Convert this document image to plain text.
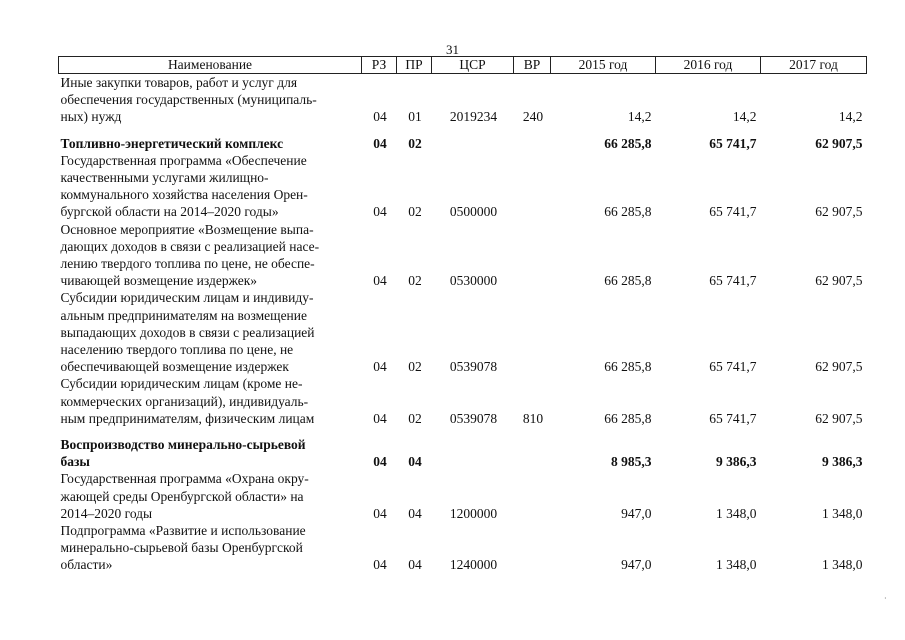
31
Наименование	РЗ	ПР	ЦСР	ВР	2015 год	2016 год	2017 год
Иные закупки товаров, работ и услуг для
обеспечения государственных (муниципаль-
ных) нужд	04	01	2019234	240	14,2	14,2	14,2
Топливно-энергетический комплекс	04	02			66 285,8	65 741,7	62 907,5
Государственная программа «Обеспечение
качественными услугами жилищно-
коммунального хозяйства населения Орен-
бургской области на 2014–2020 годы»	04	02	0500000		66 285,8	65 741,7	62 907,5
Основное мероприятие «Возмещение выпа-
дающих доходов в связи с реализацией насе-
лению твердого топлива по цене, не обеспе-
чивающей возмещение издержек»	04	02	0530000		66 285,8	65 741,7	62 907,5
Субсидии юридическим лицам и индивиду-
альным предпринимателям на возмещение
выпадающих доходов в связи с реализацией
населению твердого топлива по цене, не
обеспечивающей возмещение издержек	04	02	0539078		66 285,8	65 741,7	62 907,5
Субсидии юридическим лицам (кроме не-
коммерческих организаций), индивидуаль-
ным предпринимателям, физическим лицам	04	02	0539078	810	66 285,8	65 741,7	62 907,5
Воспроизводство минерально-сырьевой
базы	04	04			8 985,3	9 386,3	9 386,3
Государственная программа «Охрана окру-
жающей среды Оренбургской области» на
2014–2020 годы	04	04	1200000		947,0	1 348,0	1 348,0
Подпрограмма «Развитие и использование
минерально-сырьевой базы Оренбургской
области»	04	04	1240000		947,0	1 348,0	1 348,0
·
